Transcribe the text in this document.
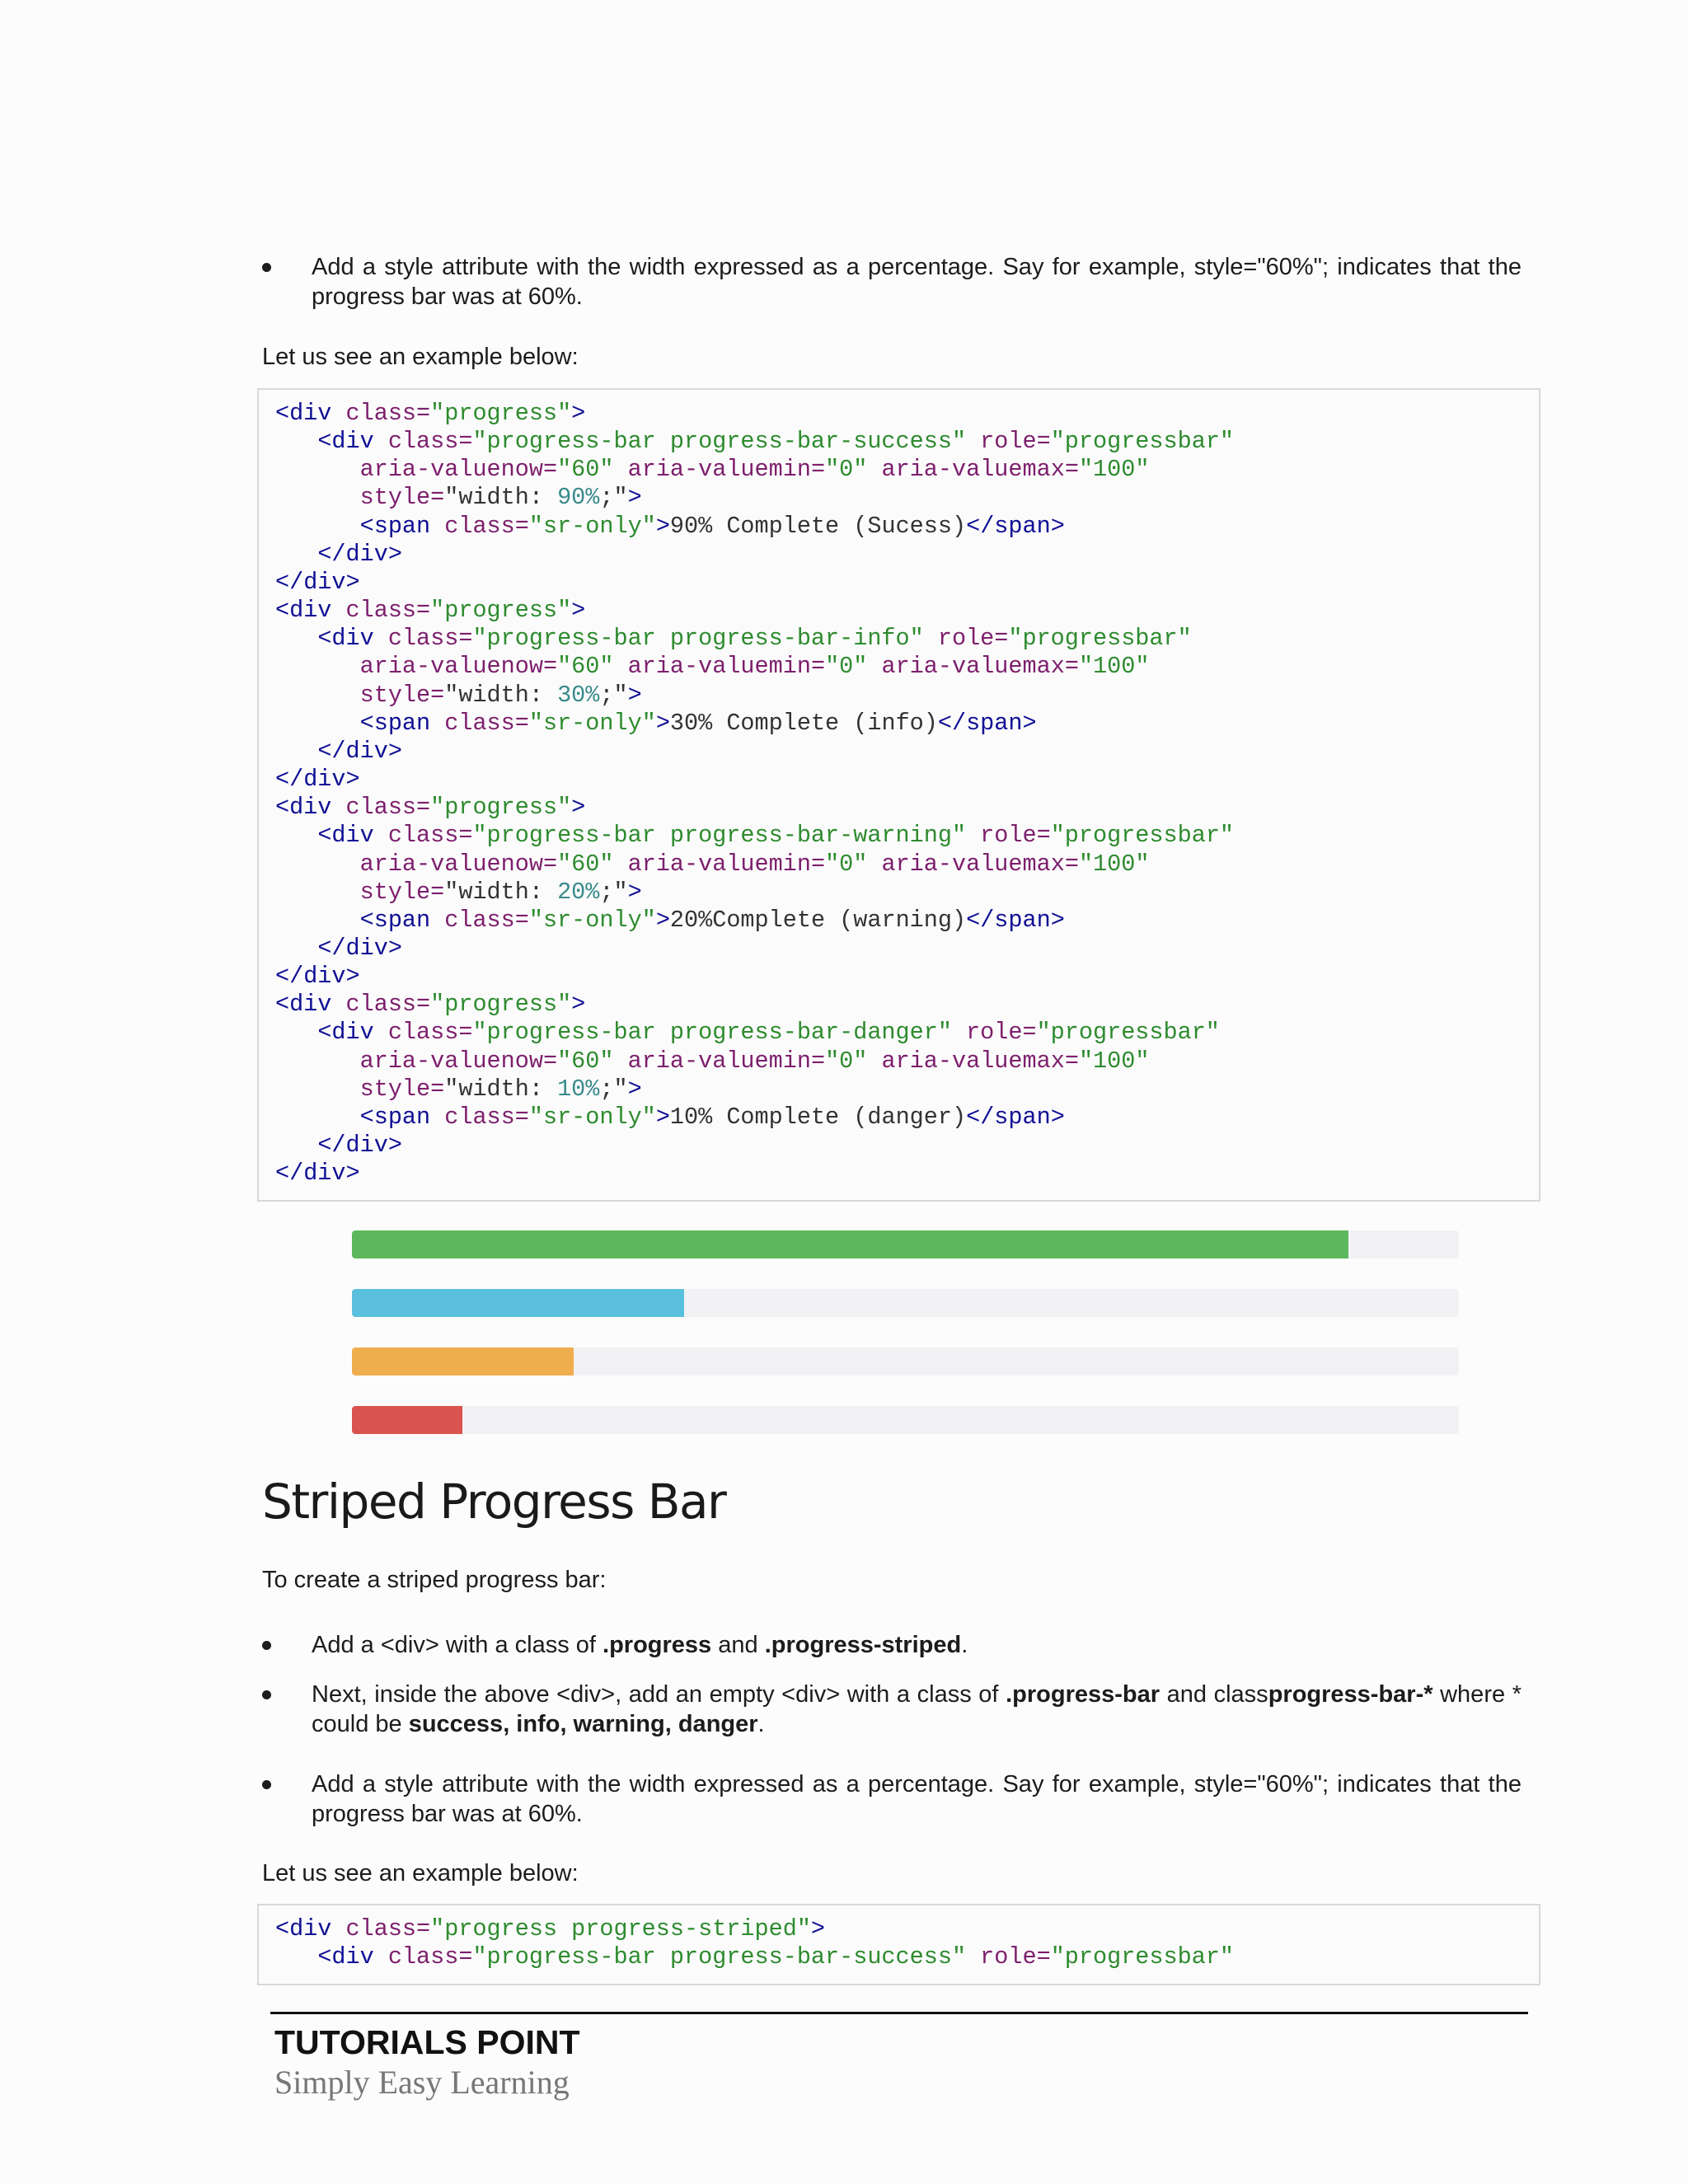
Add a style attribute with the width expressed as a percentage. Say for example, style="60%"; indicates that the progress bar was at 60%.
Let us see an example below:
<div class="progress">
<div class="progress-bar progress-bar-success" role="progressbar"
aria-valuenow="60" aria-valuemin="0" aria-valuemax="100"
style="width: 90%;">
<span class="sr-only">90% Complete (Sucess)</span>
</div>
</div>
<div class="progress">
<div class="progress-bar progress-bar-info" role="progressbar"
aria-valuenow="60" aria-valuemin="0" aria-valuemax="100"
style="width: 30%;">
<span class="sr-only">30% Complete (info)</span>
</div>
</div>
<div class="progress">
<div class="progress-bar progress-bar-warning" role="progressbar"
aria-valuenow="60" aria-valuemin="0" aria-valuemax="100"
style="width: 20%;">
<span class="sr-only">20%Complete (warning)</span>
</div>
</div>
<div class="progress">
<div class="progress-bar progress-bar-danger" role="progressbar"
aria-valuenow="60" aria-valuemin="0" aria-valuemax="100"
style="width: 10%;">
<span class="sr-only">10% Complete (danger)</span>
</div>
</div>
Striped Progress Bar
To create a striped progress bar:
Add a <div> with a class of .progress and .progress-striped.
Next, inside the above <div>, add an empty <div> with a class of .progress-bar and classprogress-bar-* where * could be success, info, warning, danger.
Add a style attribute with the width expressed as a percentage. Say for example, style="60%"; indicates that the progress bar was at 60%.
Let us see an example below:
<div class="progress progress-striped">
<div class="progress-bar progress-bar-success" role="progressbar"
TUTORIALS POINT
Simply Easy Learning
